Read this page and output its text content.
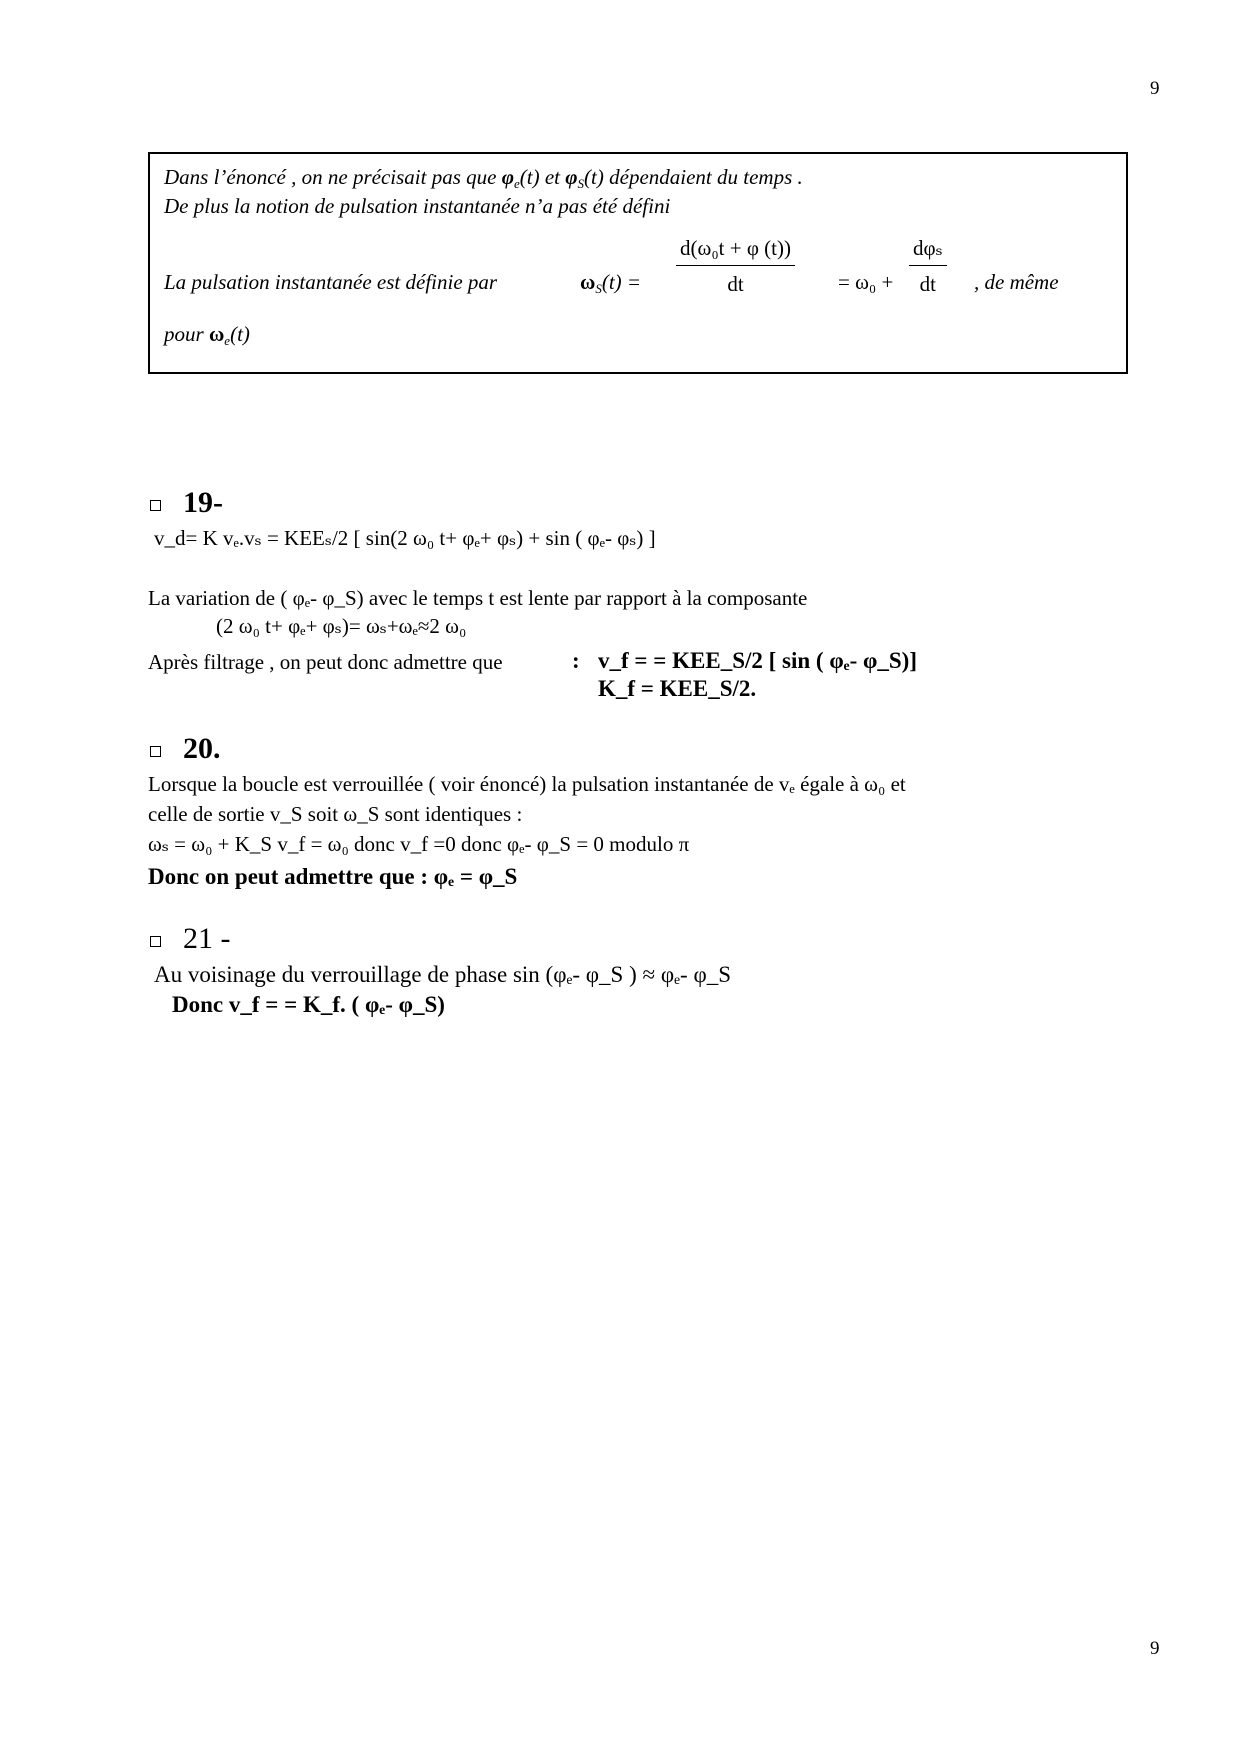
9
Dans l’énoncé , on ne précisait pas que $\varphi_e(t)$ et $\varphi_S(t)$ dépendaient du temps .
De plus la notion de pulsation instantanée n’a pas été défini
La pulsation instantanée est définie par	$\omega_S(t) = \frac{\text{d(ω₀t + φ (t))}}{dt} = \omega_0 + \frac{\text{dφₛ}}{dt}$ , de même
pour $\omega_e(t)$
19-
v_d= K vₑ.vₛ = KEEₛ/2 [ sin(2 ω₀ t+ φₑ+ φₛ) + sin ( φₑ- φₛ) ]
La variation de ( φₑ- φ_S) avec le temps t est lente par rapport à la composante
(2 ω₀ t+ φₑ+ φₛ)= ωₛ+ωₑ≈2 ω₀
Après filtrage , on peut donc admettre que	: v_f = = KEE_S/2 [ sin ( φₑ- φ_S)]
K_f = KEE_S/2.
20.
Lorsque la boucle est verrouillée ( voir énoncé) la pulsation instantanée de vₑ égale à ω₀ et
celle de sortie v_S soit ω_S sont identiques :
ωₛ = ω₀ + K_S v_f = ω₀ donc v_f =0 donc φₑ- φ_S = 0 modulo π
Donc on peut admettre que : φₑ = φ_S
21 -
Au voisinage du verrouillage de phase sin (φₑ- φ_S ) ≈ φₑ- φ_S
Donc v_f = = K_f. ( φₑ- φ_S)
9
